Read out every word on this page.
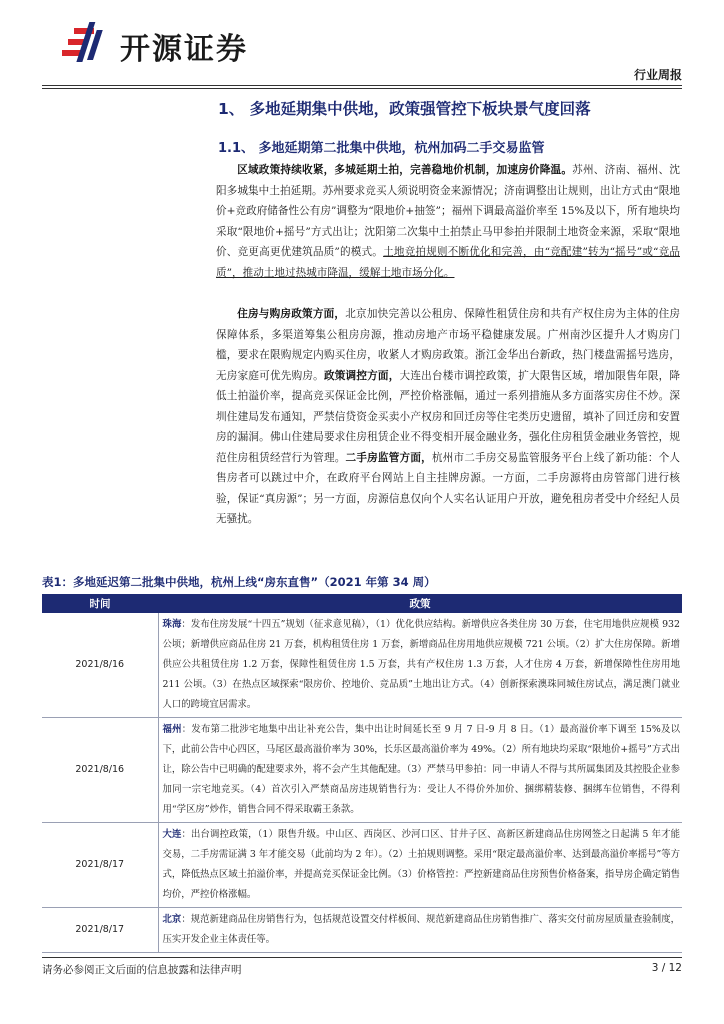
开源证券
行业周报
1、 多地延期集中供地，政策强管控下板块景气度回落
1.1、 多地延期第二批集中供地，杭州加码二手交易监管
区域政策持续收紧，多城延期土拍，完善稳地价机制，加速房价降温。苏州、济南、福州、沈阳多城集中土拍延期。苏州要求竞买人须说明资金来源情况；济南调整出让规则，出让方式由“限地价+竞政府储备性公有房”调整为“限地价+抽签”；福州下调最高溢价率至 15%及以下，所有地块均采取“限地价+摇号”方式出让；沈阳第二次集中土拍禁止马甲参拍并限制土地资金来源，采取“限地价、竞更高更优建筑品质”的模式。土地竞拍规则不断优化和完善，由“竞配建”转为“摇号”或“竞品质”，推动土地过热城市降温，缓解土地市场分化。
住房与购房政策方面，北京加快完善以公租房、保障性租赁住房和共有产权住房为主体的住房保障体系，多渠道筹集公租房房源，推动房地产市场平稳健康发展。广州南沙区提升人才购房门槛，要求在限购规定内购买住房，收紧人才购房政策。浙江金华出台新政，热门楼盘需摇号选房，无房家庭可优先购房。政策调控方面，大连出台楼市调控政策，扩大限售区域，增加限售年限，降低土拍溢价率，提高竞买保证金比例，严控价格涨幅，通过一系列措施从多方面落实房住不炒。深圳住建局发布通知，严禁信贷资金买卖小产权房和回迁房等住宅类历史遗留，填补了回迁房和安置房的漏洞。佛山住建局要求住房租赁企业不得变相开展金融业务，强化住房租赁金融业务管控，规范住房租赁经营行为管理。二手房监管方面，杭州市二手房交易监管服务平台上线了新功能：个人售房者可以跳过中介，在政府平台网站上自主挂牌房源。一方面，二手房源将由房管部门进行核验，保证“真房源”；另一方面，房源信息仅向个人实名认证用户开放，避免租房者受中介经纪人员无骚扰。
表1：多地延迟第二批集中供地，杭州上线“房东直售”（2021 年第 34 周）
时间	政策
2021/8/16	珠海：发布住房发展“十四五”规划（征求意见稿），（1）优化供应结构。新增供应各类住房 30 万套，住宅用地供应规模 932 公顷；新增供应商品住房 21 万套，机构租赁住房 1 万套，新增商品住房用地供应规模 721 公顷。（2）扩大住房保障。新增供应公共租赁住房 1.2 万套，保障性租赁住房 1.5 万套，共有产权住房 1.3 万套，人才住房 4 万套，新增保障性住房用地 211 公顷。（3）在热点区域探索“限房价、控地价、竞品质”土地出让方式。（4）创新探索澳珠同城住房试点，满足澳门就业人口的跨境宜居需求。
2021/8/16	福州：发布第二批涉宅地集中出让补充公告，集中出让时间延长至 9 月 7 日-9 月 8 日。（1）最高溢价率下调至 15%及以下，此前公告中心四区，马尾区最高溢价率为 30%，长乐区最高溢价率为 49%。（2）所有地块均采取“限地价+摇号”方式出让，除公告中已明确的配建要求外，将不会产生其他配建。（3）严禁马甲参拍：同一申请人不得与其所属集团及其控股企业参加同一宗宅地竞买。（4）首次引入严禁商品房违规销售行为：受让人不得价外加价、捆绑精装修、捆绑车位销售，不得利用“学区房”炒作，销售合同不得采取霸王条款。
2021/8/17	大连：出台调控政策，（1）限售升级。中山区、西岗区、沙河口区、甘井子区、高新区新建商品住房网签之日起满 5 年才能交易，二手房需证满 3 年才能交易（此前均为 2 年）。（2）土拍规则调整。采用“限定最高溢价率、达到最高溢价率摇号”等方式，降低热点区域土拍溢价率，并提高竞买保证金比例。（3）价格管控：严控新建商品住房预售价格备案，指导房企确定销售均价，严控价格涨幅。
2021/8/17	北京：规范新建商品住房销售行为，包括规范设置交付样板间、规范新建商品住房销售推广、落实交付前房屋质量查验制度，压实开发企业主体责任等。
请务必参阅正文后面的信息披露和法律声明	3 / 12
